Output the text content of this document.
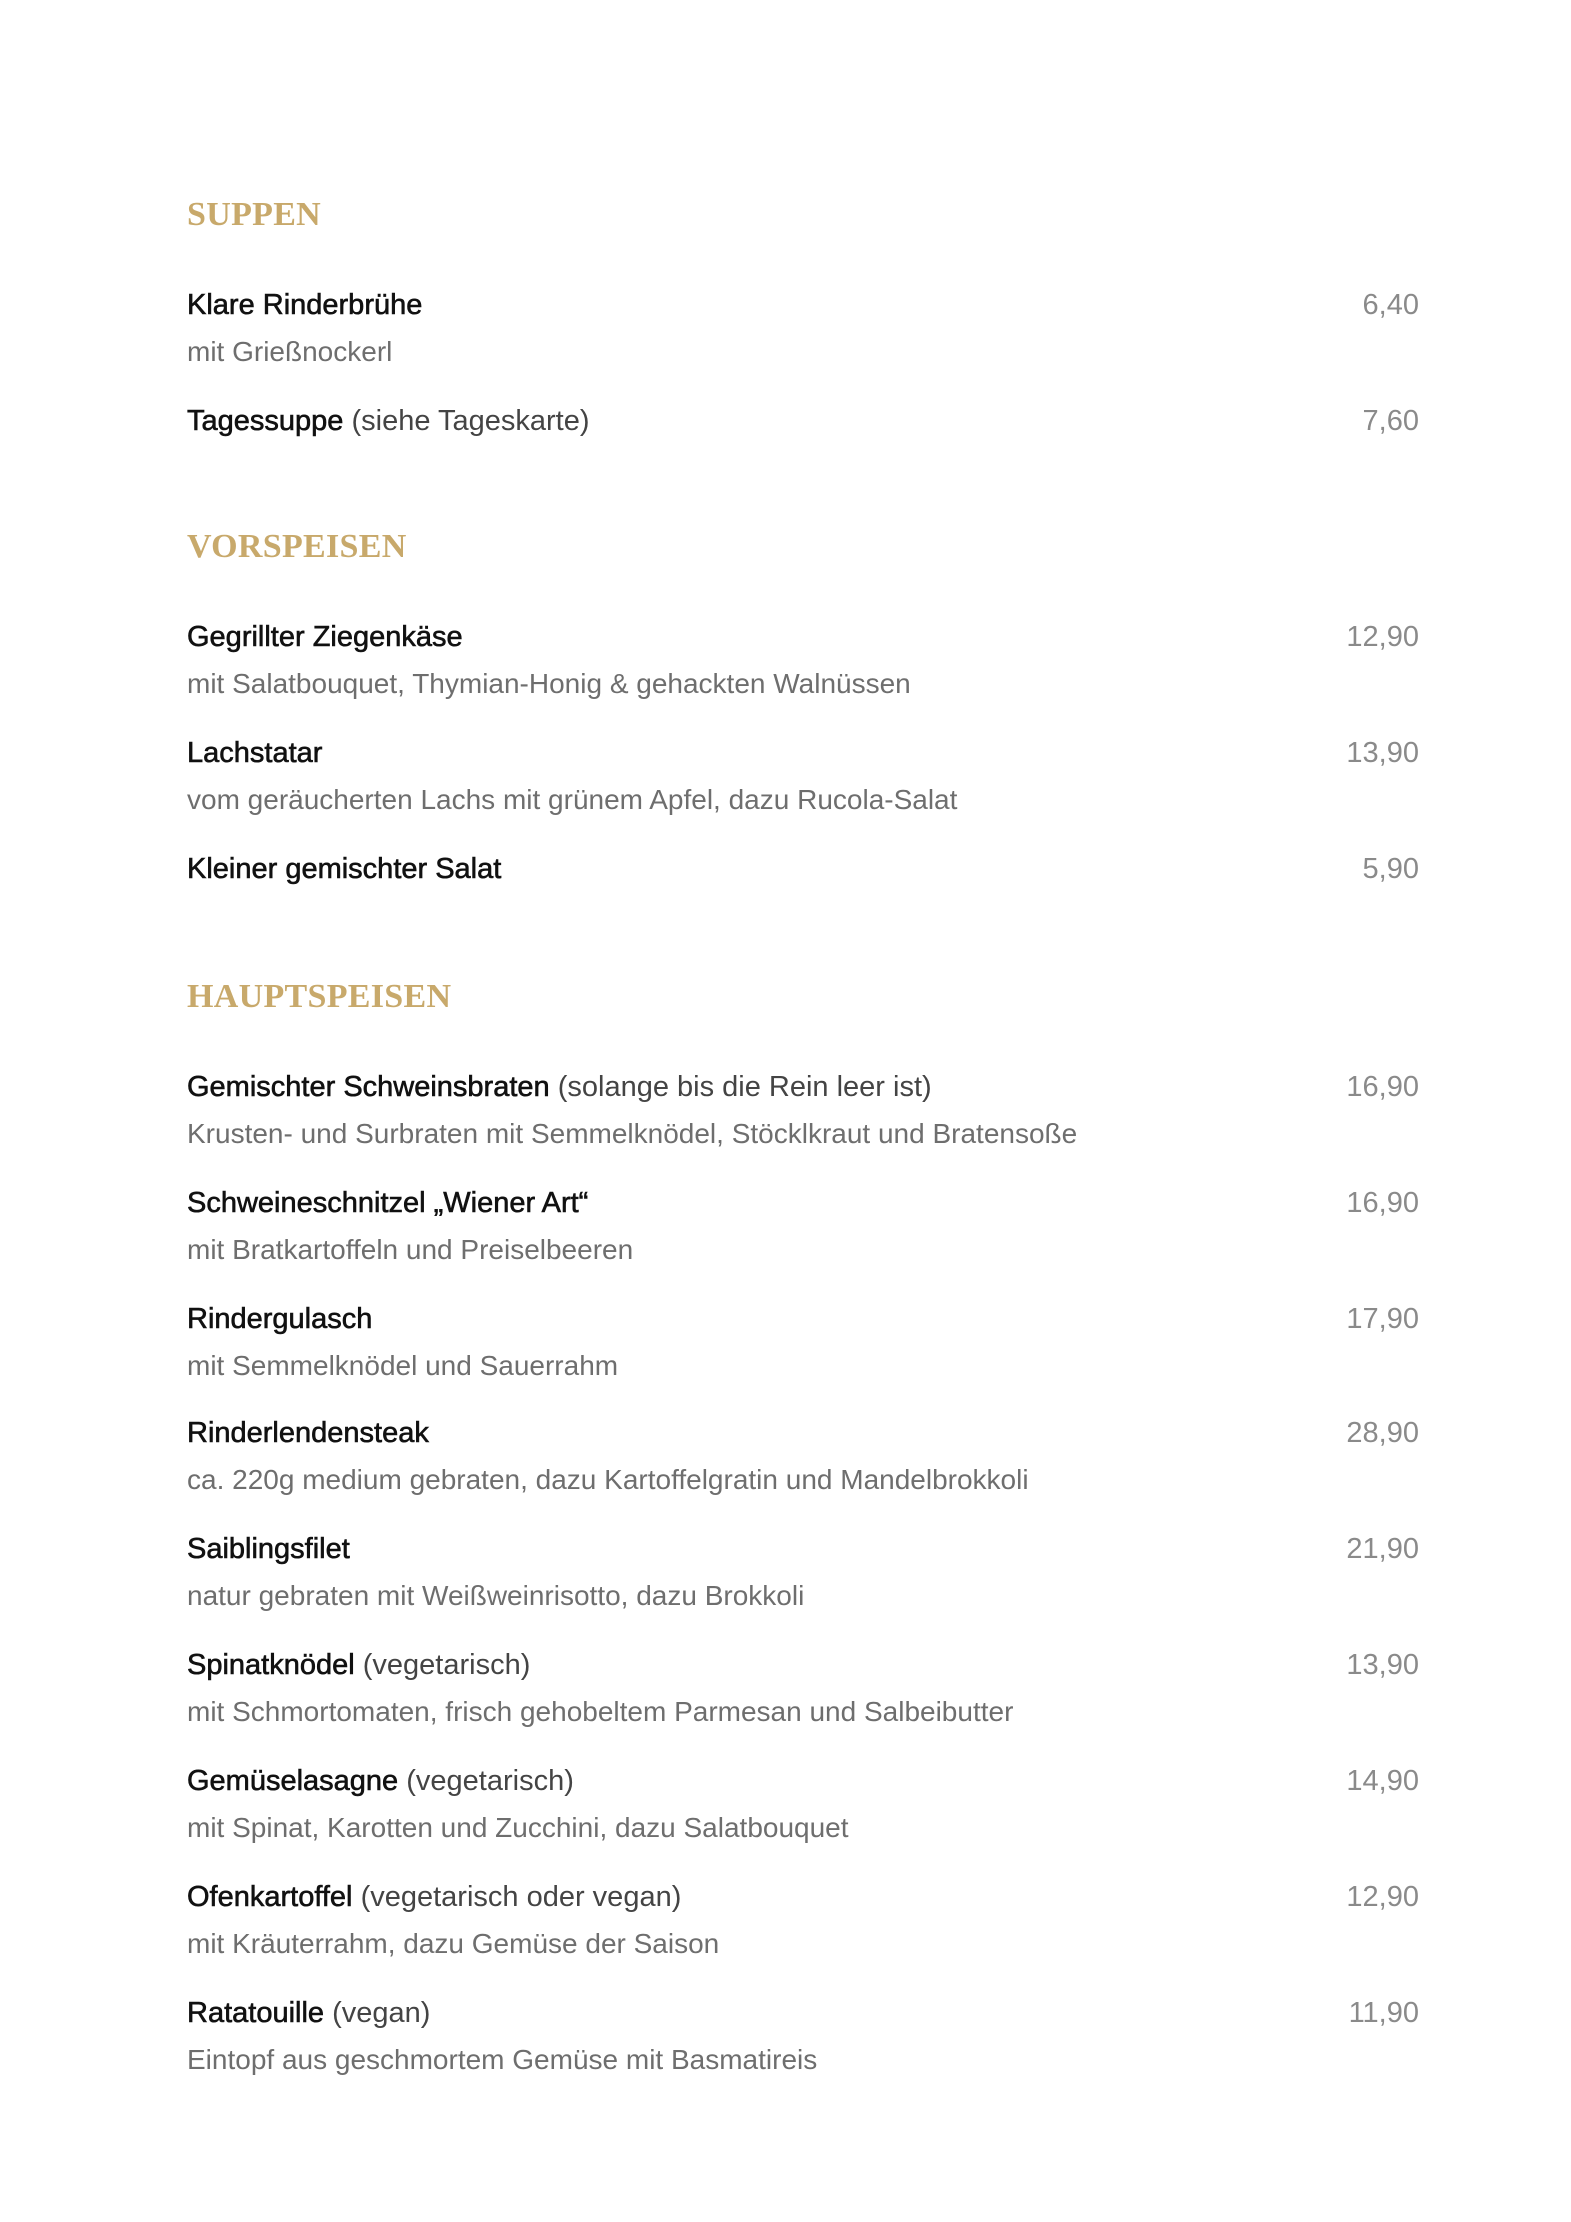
SUPPEN
Klare Rinderbrühe	6,40
mit Grießnockerl
Tagessuppe (siehe Tageskarte)	7,60
VORSPEISEN
Gegrillter Ziegenkäse	12,90
mit Salatbouquet, Thymian-Honig & gehackten Walnüssen
Lachstatar	13,90
vom geräucherten Lachs mit grünem Apfel, dazu Rucola-Salat
Kleiner gemischter Salat	5,90
HAUPTSPEISEN
Gemischter Schweinsbraten (solange bis die Rein leer ist)	16,90
Krusten- und Surbraten mit Semmelknödel, Stöcklkraut und Bratensoße
Schweineschnitzel „Wiener Art“	16,90
mit Bratkartoffeln und Preiselbeeren
Rindergulasch	17,90
mit Semmelknödel und Sauerrahm
Rinderlendensteak	28,90
ca. 220g medium gebraten, dazu Kartoffelgratin und Mandelbrokkoli
Saiblingsfilet	21,90
natur gebraten mit Weißweinrisotto, dazu Brokkoli
Spinatknödel (vegetarisch)	13,90
mit Schmortomaten, frisch gehobeltem Parmesan und Salbeibutter
Gemüselasagne (vegetarisch)	14,90
mit Spinat, Karotten und Zucchini, dazu Salatbouquet
Ofenkartoffel (vegetarisch oder vegan)	12,90
mit Kräuterrahm, dazu Gemüse der Saison
Ratatouille (vegan)	11,90
Eintopf aus geschmortem Gemüse mit Basmatireis
